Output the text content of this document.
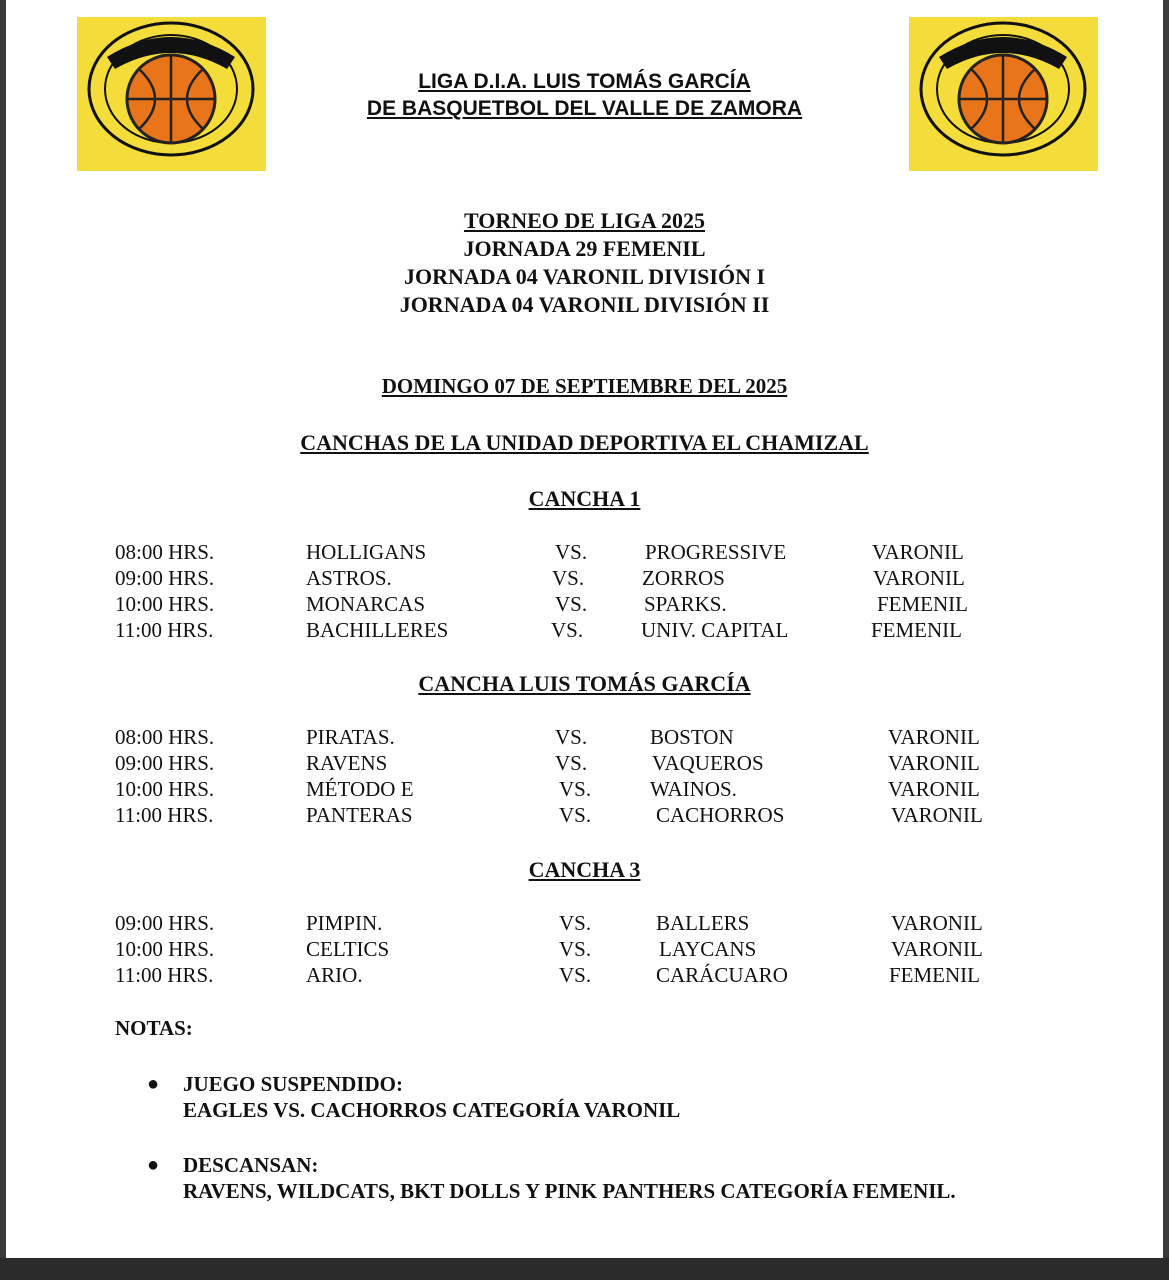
LIGA D.I.A. LUIS TOMÁS GARCÍA
DE BASQUETBOL DEL VALLE DE ZAMORA
TORNEO DE LIGA 2025
JORNADA 29 FEMENIL
JORNADA 04 VARONIL DIVISIÓN I
JORNADA 04 VARONIL DIVISIÓN II
DOMINGO 07 DE SEPTIEMBRE DEL 2025
CANCHAS DE LA UNIDAD DEPORTIVA EL CHAMIZAL
CANCHA 1
08:00 HRS.	HOLLIGANS	VS.	PROGRESSIVE	VARONIL
09:00 HRS.	ASTROS.	VS.	ZORROS	VARONIL
10:00 HRS.	MONARCAS	VS.	SPARKS.	FEMENIL
11:00 HRS.	BACHILLERES	VS.	UNIV. CAPITAL	FEMENIL
CANCHA LUIS TOMÁS GARCÍA
08:00 HRS.	PIRATAS.	VS.	BOSTON	VARONIL
09:00 HRS.	RAVENS	VS.	VAQUEROS	VARONIL
10:00 HRS.	MÉTODO E	VS.	WAINOS.	VARONIL
11:00 HRS.	PANTERAS	VS.	CACHORROS	VARONIL
CANCHA 3
09:00 HRS.	PIMPIN.	VS.	BALLERS	VARONIL
10:00 HRS.	CELTICS	VS.	LAYCANS	VARONIL
11:00 HRS.	ARIO.	VS.	CARÁCUARO	FEMENIL
NOTAS:
● JUEGO SUSPENDIDO:
EAGLES VS. CACHORROS CATEGORÍA VARONIL
● DESCANSAN:
RAVENS, WILDCATS, BKT DOLLS Y PINK PANTHERS CATEGORÍA FEMENIL.
